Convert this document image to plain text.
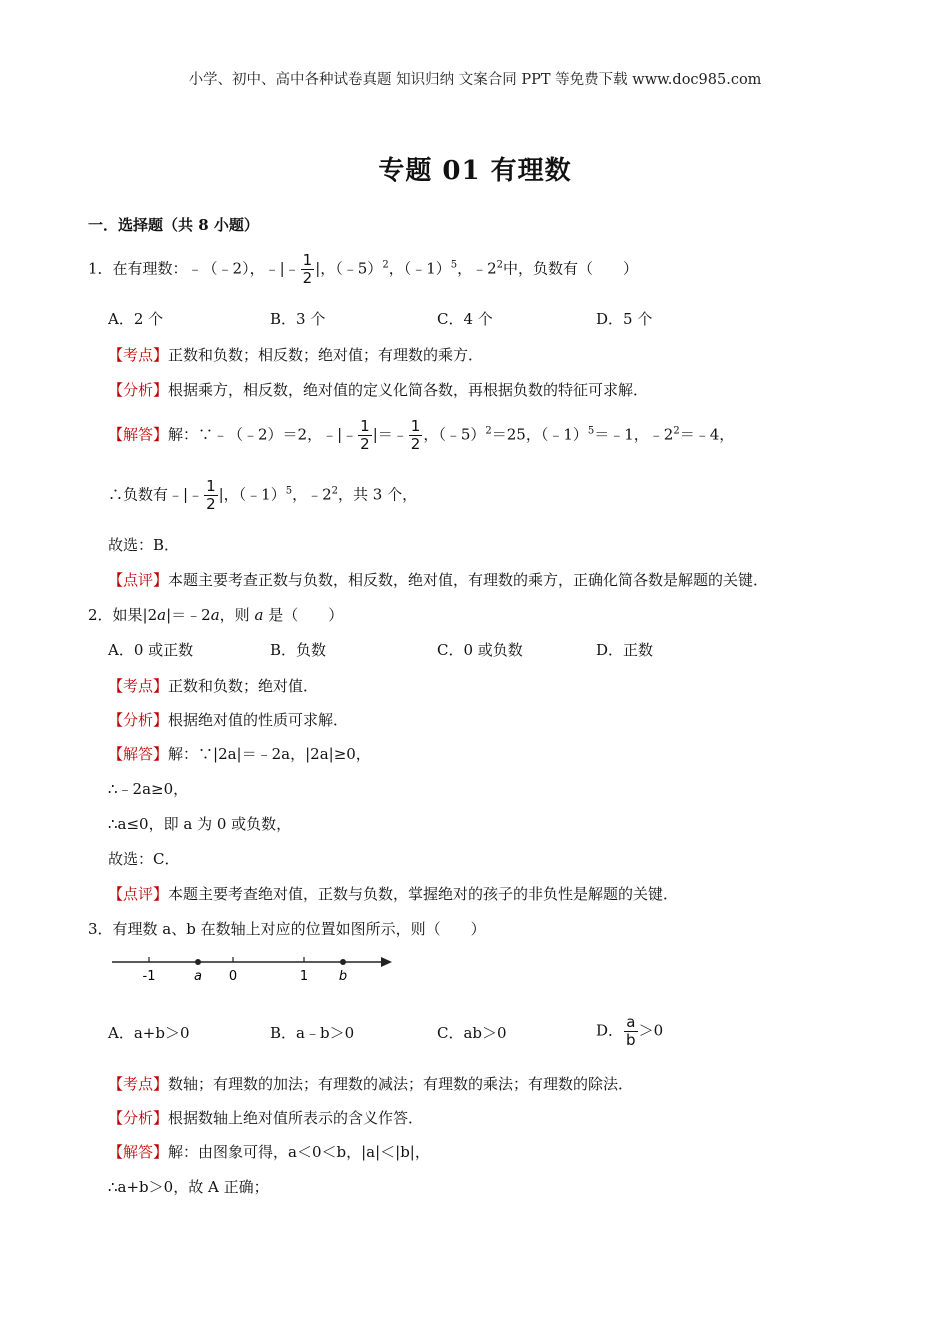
小学、初中、高中各种试卷真题 知识归纳 文案合同 PPT 等免费下载 www.doc985.com
专题 01 有理数
一．选择题（共 8 小题）
1．在有理数：﹣（﹣2），﹣|﹣ $\frac{1}{2}$ |，（﹣5）$^2$，（﹣1）$^5$，$﹣2^2$中，负数有（　　）
A．2 个	B．3 个	C．4 个	D．5 个
【考点】正数和负数；相反数；绝对值；有理数的乘方．
【分析】根据乘方，相反数，绝对值的定义化简各数，再根据负数的特征可求解．
【解答】解：∵﹣（﹣2）＝2，﹣|﹣ $\frac{1}{2}$ |＝﹣ $\frac{1}{2}$ ，（﹣5）$^2$＝25，（﹣1）$^5$＝﹣1，$﹣2^2=﹣4$，
∴负数有﹣|﹣ $\frac{1}{2}$ |，（﹣1）$^5$，$﹣2^2$，共 3 个，
故选：B．
【点评】本题主要考查正数与负数，相反数，绝对值，有理数的乘方，正确化简各数是解题的关键．
2．如果|2a|＝﹣2a，则 a 是（　　）
A．0 或正数	B．负数	C．0 或负数	D．正数
【考点】正数和负数；绝对值．
【分析】根据绝对值的性质可求解．
【解答】解：∵|2a|＝﹣2a，|2a|≥0，
∴﹣2a≥0，
∴a≤0，即 a 为 0 或负数，
故选：C．
【点评】本题主要考查绝对值，正数与负数，掌握绝对的孩子的非负性是解题的关键．
3．有理数 a、b 在数轴上对应的位置如图所示，则（　　）
-1	a 0	1 b
A．a+b＞0	B．a﹣b＞0	C．ab＞0	D． $\frac{a}{b} >0$
【考点】数轴；有理数的加法；有理数的减法；有理数的乘法；有理数的除法．
【分析】根据数轴上绝对值所表示的含义作答．
【解答】解：由图象可得，a＜0＜b，|a|＜|b|，
∴a+b＞0，故 A 正确；
